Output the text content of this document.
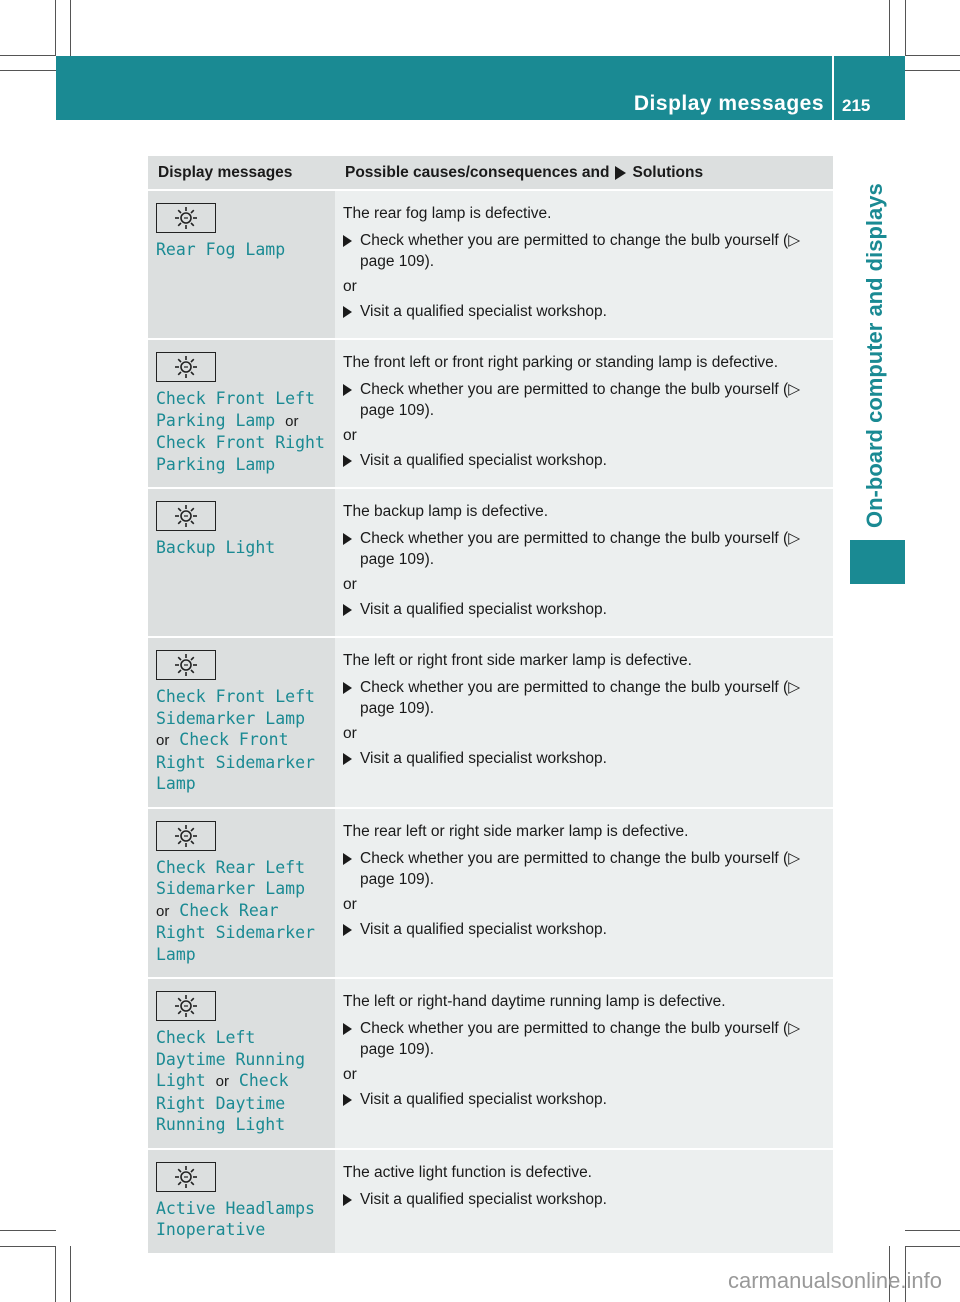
Display messages 215
On-board computer and displays
Display messages	Possible causes/consequences and Solutions
Rear Fog Lamp
The rear fog lamp is defective.
Check whether you are permitted to change the bulb yourself (▷ page 109).
or
Visit a qualified specialist workshop.
Check Front Left Parking Lamp or Check Front Right Parking Lamp
The front left or front right parking or standing lamp is defective.
Check whether you are permitted to change the bulb yourself (▷ page 109).
or
Visit a qualified specialist workshop.
Backup Light
The backup lamp is defective.
Check whether you are permitted to change the bulb yourself (▷ page 109).
or
Visit a qualified specialist workshop.
Check Front Left Sidemarker Lamp or Check Front Right Sidemarker Lamp
The left or right front side marker lamp is defective.
Check whether you are permitted to change the bulb yourself (▷ page 109).
or
Visit a qualified specialist workshop.
Check Rear Left Sidemarker Lamp or Check Rear Right Sidemarker Lamp
The rear left or right side marker lamp is defective.
Check whether you are permitted to change the bulb yourself (▷ page 109).
or
Visit a qualified specialist workshop.
Check Left Daytime Running Light or Check Right Daytime Running Light
The left or right-hand daytime running lamp is defective.
Check whether you are permitted to change the bulb yourself (▷ page 109).
or
Visit a qualified specialist workshop.
Active Headlamps Inoperative
The active light function is defective.
Visit a qualified specialist workshop.
carmanualsonline.info
